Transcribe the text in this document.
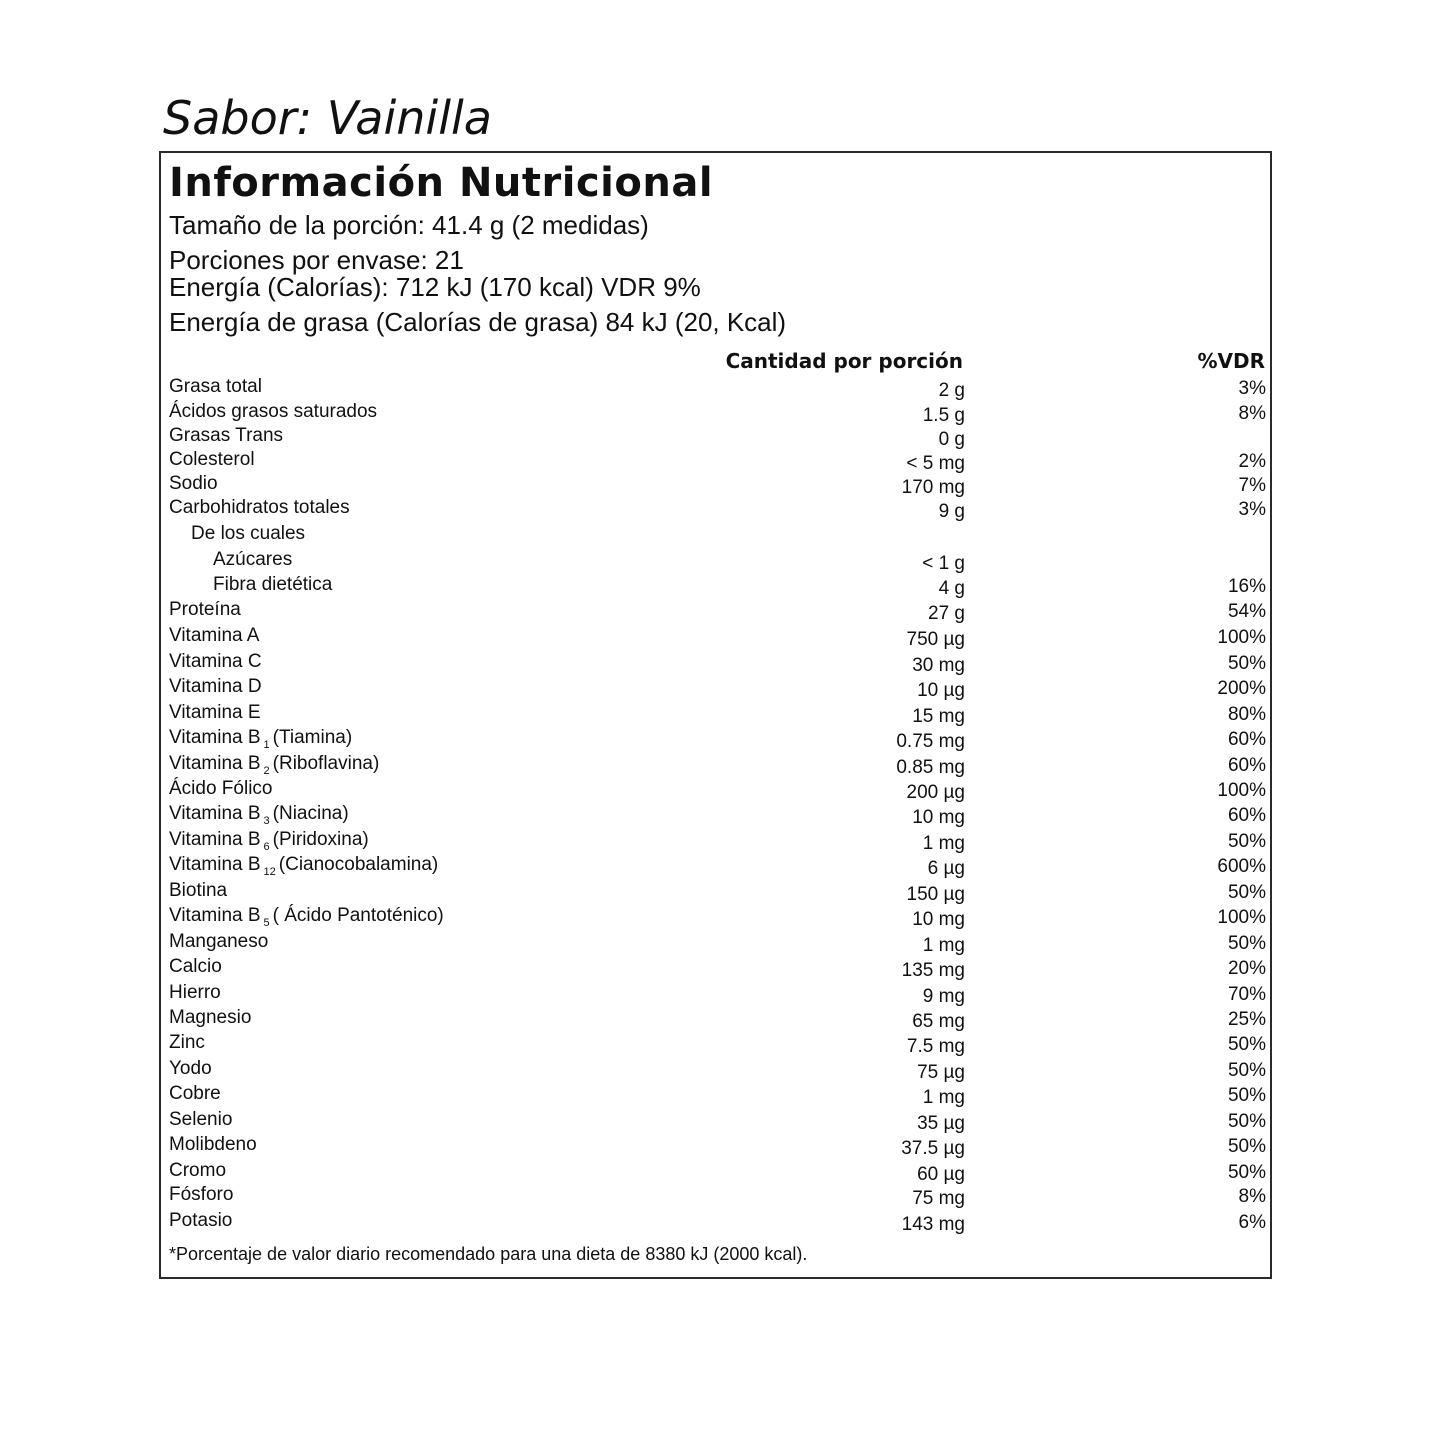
Sabor: Vainilla
Información Nutricional
Tamaño de la porción: 41.4 g (2 medidas)
Porciones por envase: 21
Energía (Calorías): 712 kJ (170 kcal) VDR 9%
Energía de grasa (Calorías de grasa) 84 kJ (20, Kcal)
Cantidad por porción	%VDR
Grasa total	2 g	3%
Ácidos grasos saturados	1.5 g	8%
Grasas Trans	0 g
Colesterol	< 5 mg	2%
Sodio	170 mg	7%
Carbohidratos totales	9 g	3%
De los cuales
Azúcares	< 1 g
Fibra dietética	4 g	16%
Proteína	27 g	54%
Vitamina A	750 µg	100%
Vitamina C	30 mg	50%
Vitamina D	10 µg	200%
Vitamina E	15 mg	80%
Vitamina B $_1$ (Tiamina)	0.75 mg	60%
Vitamina B $_2$ (Riboflavina)	0.85 mg	60%
Ácido Fólico	200 µg	100%
Vitamina B $_3$ (Niacina)	10 mg	60%
Vitamina B $_6$ (Piridoxina)	1 mg	50%
Vitamina B $_{12}$ (Cianocobalamina)	6 µg	600%
Biotina	150 µg	50%
Vitamina B $_5$ ( Ácido Pantoténico)	10 mg	100%
Manganeso	1 mg	50%
Calcio	135 mg	20%
Hierro	9 mg	70%
Magnesio	65 mg	25%
Zinc	7.5 mg	50%
Yodo	75 µg	50%
Cobre	1 mg	50%
Selenio	35 µg	50%
Molibdeno	37.5 µg	50%
Cromo	60 µg	50%
Fósforo	75 mg	8%
Potasio	143 mg	6%
*Porcentaje de valor diario recomendado para una dieta de 8380 kJ (2000 kcal).
